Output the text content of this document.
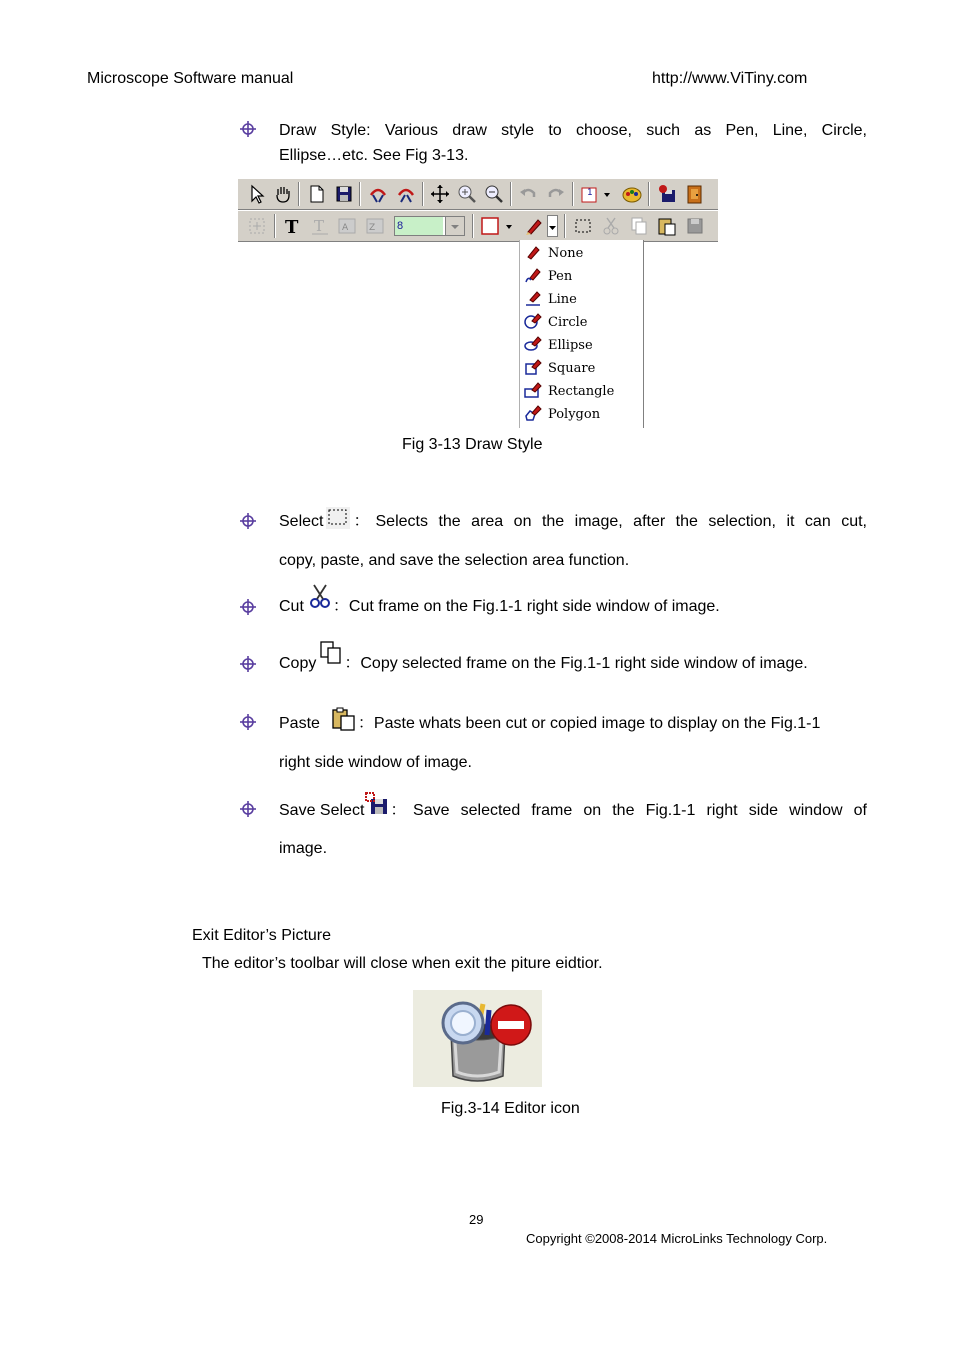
Microscope Software manual	http://www.ViTiny.com
Draw Style: Various draw style to choose, such as Pen, Line, Circle,
Ellipse…etc. See Fig 3-13.
1
T T A Z 8
None
Pen
Line
Circle
Ellipse
Square
Rectangle
Polygon
Fig 3-13 Draw Style
Select ：Selects the area on the image, after the selection, it can cut,
copy, paste, and save the selection area function.
Cut ：Cut frame on the Fig.1-1 right side window of image.
Copy ：Copy selected frame on the Fig.1-1 right side window of image.
Paste ：Paste whats been cut or copied image to display on the Fig.1-1
right side window of image.
Save Select ：Save selected frame on the Fig.1-1 right side window of
image.
Exit Editor’s Picture
The editor’s toolbar will close when exit the piture eidtior.
Fig.3-14 Editor icon
29
Copyright ©2008-2014 MicroLinks Technology Corp.
